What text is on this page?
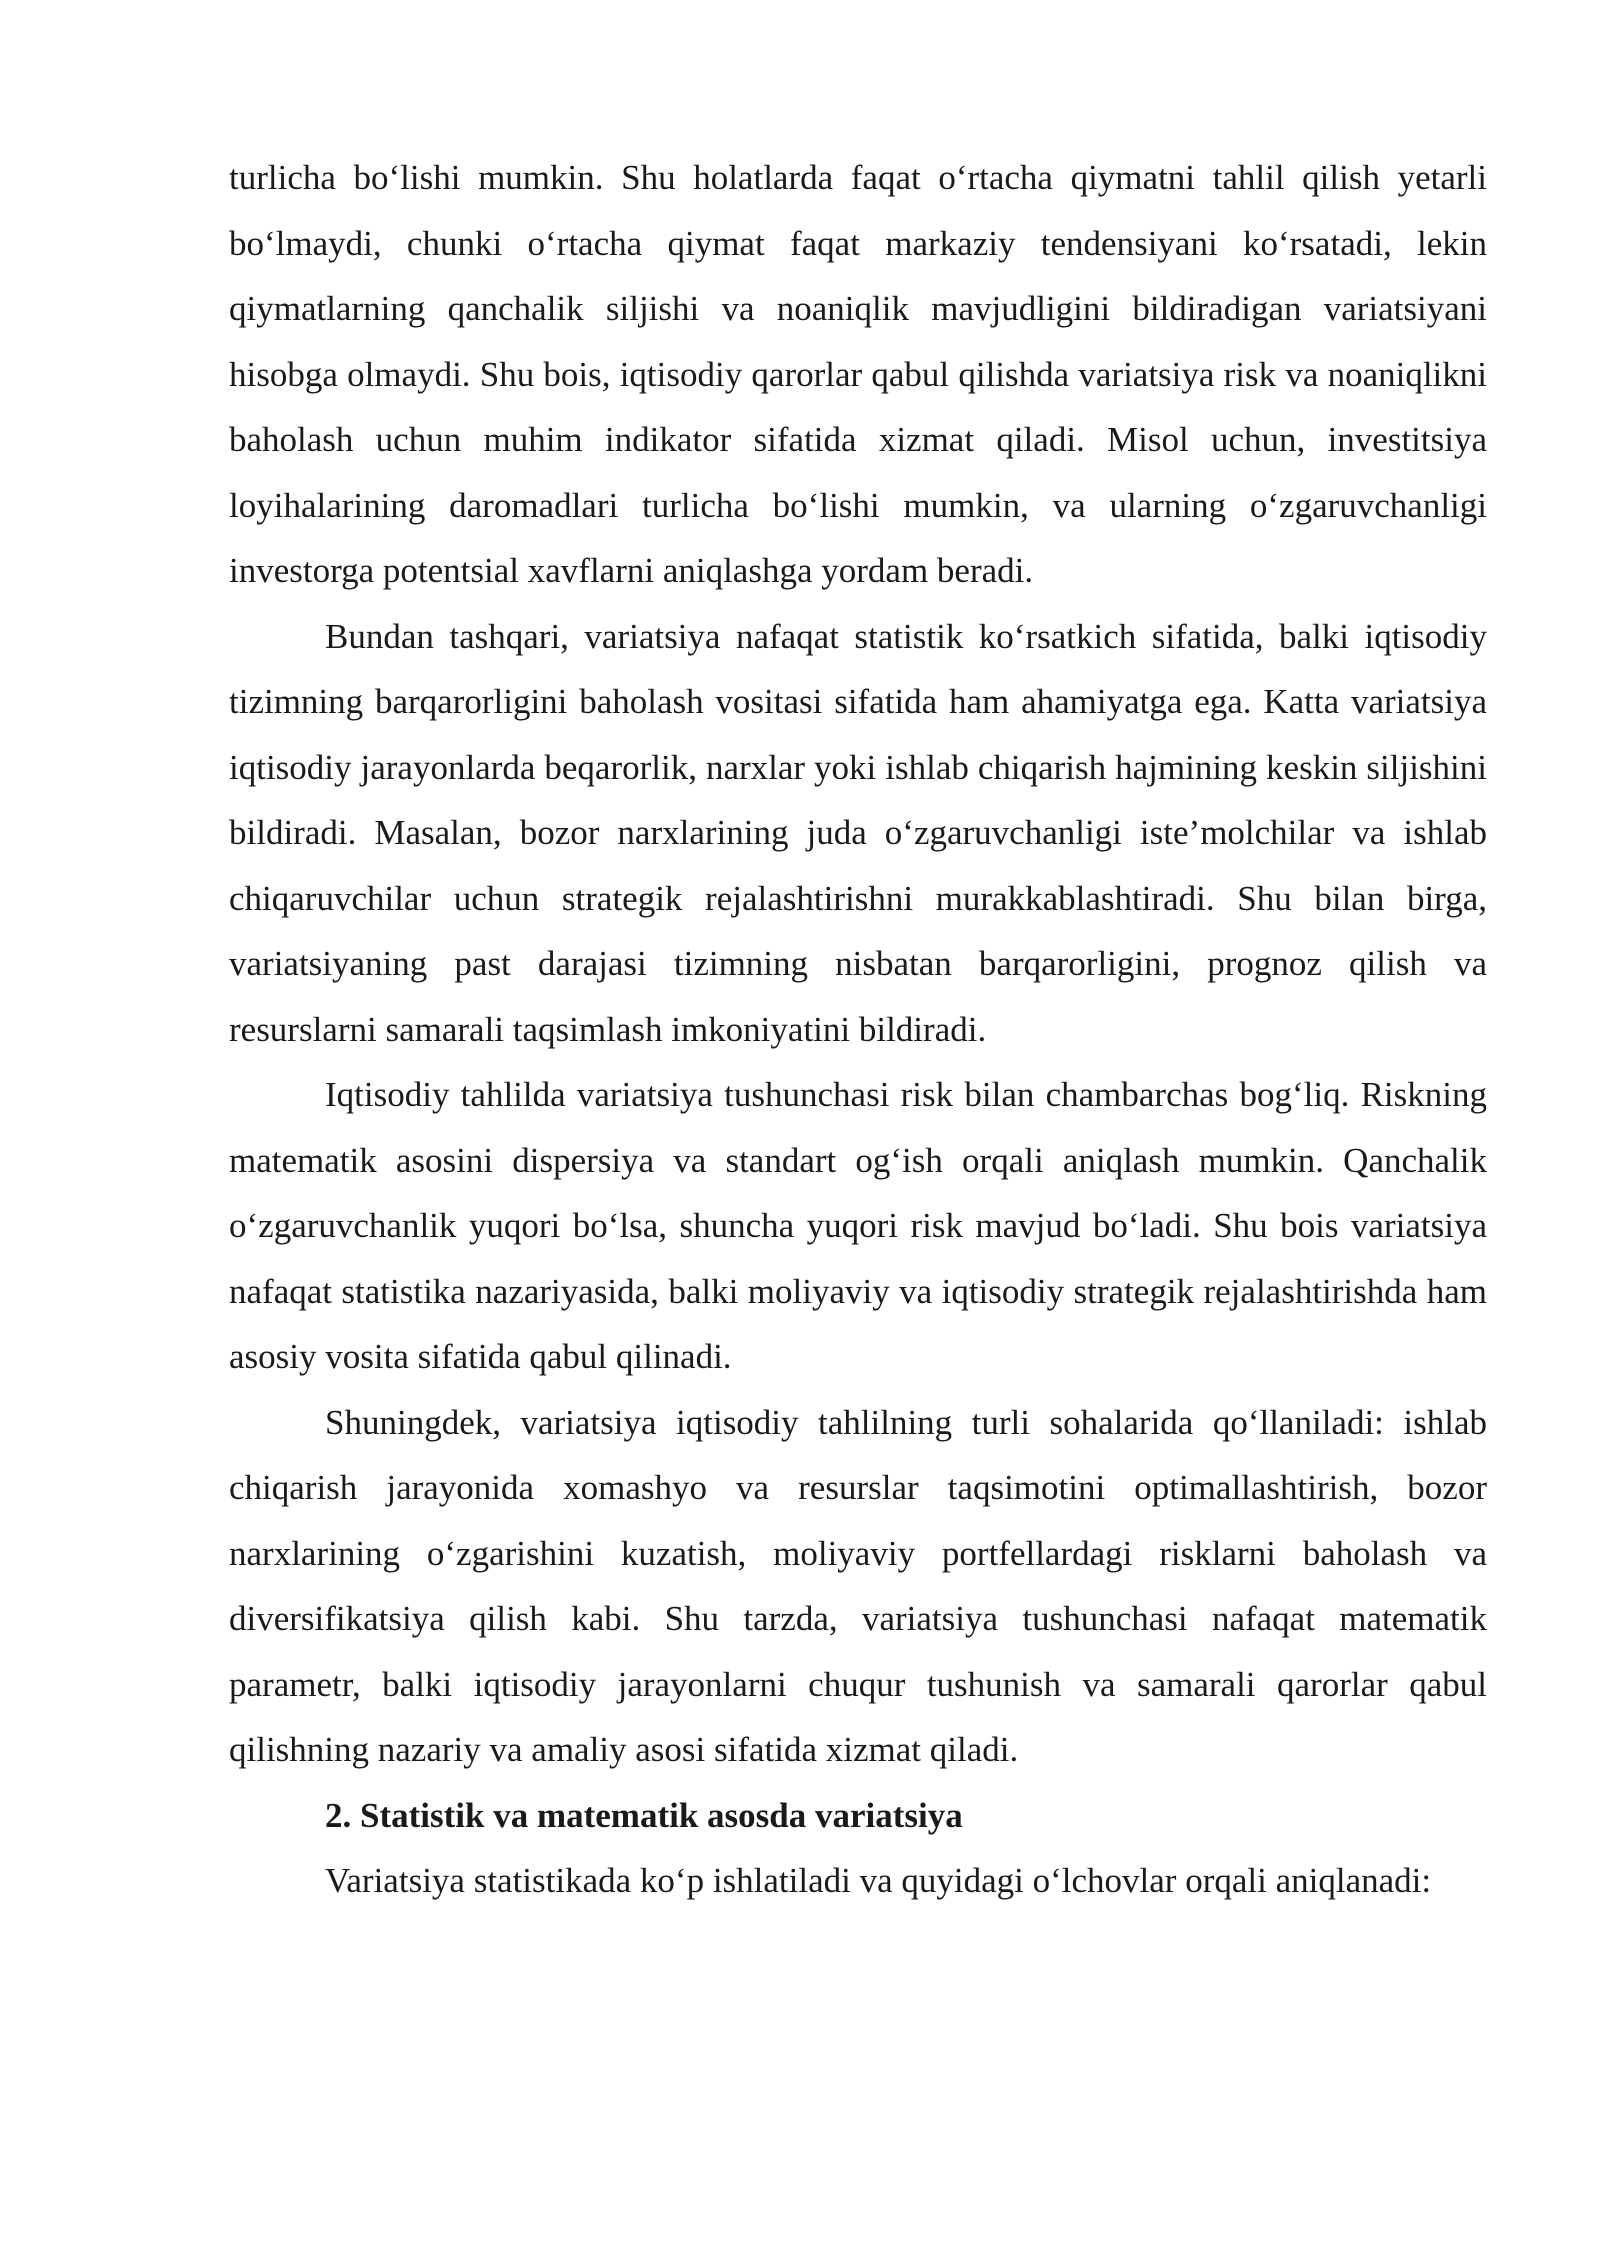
turlicha bo‘lishi mumkin. Shu holatlarda faqat o‘rtacha qiymatni tahlil qilish yetarli bo‘lmaydi, chunki o‘rtacha qiymat faqat markaziy tendensiyani ko‘rsatadi, lekin qiymatlarning qanchalik siljishi va noaniqlik mavjudligini bildiradigan variatsiyani hisobga olmaydi. Shu bois, iqtisodiy qarorlar qabul qilishda variatsiya risk va noaniqlikni baholash uchun muhim indikator sifatida xizmat qiladi. Misol uchun, investitsiya loyihalarining daromadlari turlicha bo‘lishi mumkin, va ularning o‘zgaruvchanligi investorga potentsial xavflarni aniqlashga yordam beradi.

Bundan tashqari, variatsiya nafaqat statistik ko‘rsatkich sifatida, balki iqtisodiy tizimning barqarorligini baholash vositasi sifatida ham ahamiyatga ega. Katta variatsiya iqtisodiy jarayonlarda beqarorlik, narxlar yoki ishlab chiqarish hajmining keskin siljishini bildiradi. Masalan, bozor narxlarining juda o‘zgaruvchanligi iste’molchilar va ishlab chiqaruvchilar uchun strategik rejalashtirishni murakkablashtiradi. Shu bilan birga, variatsiyaning past darajasi tizimning nisbatan barqarorligini, prognoz qilish va resurslarni samarali taqsimlash imkoniyatini bildiradi.

Iqtisodiy tahlilda variatsiya tushunchasi risk bilan chambarchas bog‘liq. Riskning matematik asosini dispersiya va standart og‘ish orqali aniqlash mumkin. Qanchalik o‘zgaruvchanlik yuqori bo‘lsa, shuncha yuqori risk mavjud bo‘ladi. Shu bois variatsiya nafaqat statistika nazariyasida, balki moliyaviy va iqtisodiy strategik rejalashtirishda ham asosiy vosita sifatida qabul qilinadi.

Shuningdek, variatsiya iqtisodiy tahlilning turli sohalarida qo‘llaniladi: ishlab chiqarish jarayonida xomashyo va resurslar taqsimotini optimallashtirish, bozor narxlarining o‘zgarishini kuzatish, moliyaviy portfellardagi risklarni baholash va diversifikatsiya qilish kabi. Shu tarzda, variatsiya tushunchasi nafaqat matematik parametr, balki iqtisodiy jarayonlarni chuqur tushunish va samarali qarorlar qabul qilishning nazariy va amaliy asosi sifatida xizmat qiladi.

2. Statistik va matematik asosda variatsiya

Variatsiya statistikada ko‘p ishlatiladi va quyidagi o‘lchovlar orqali aniqlanadi:
